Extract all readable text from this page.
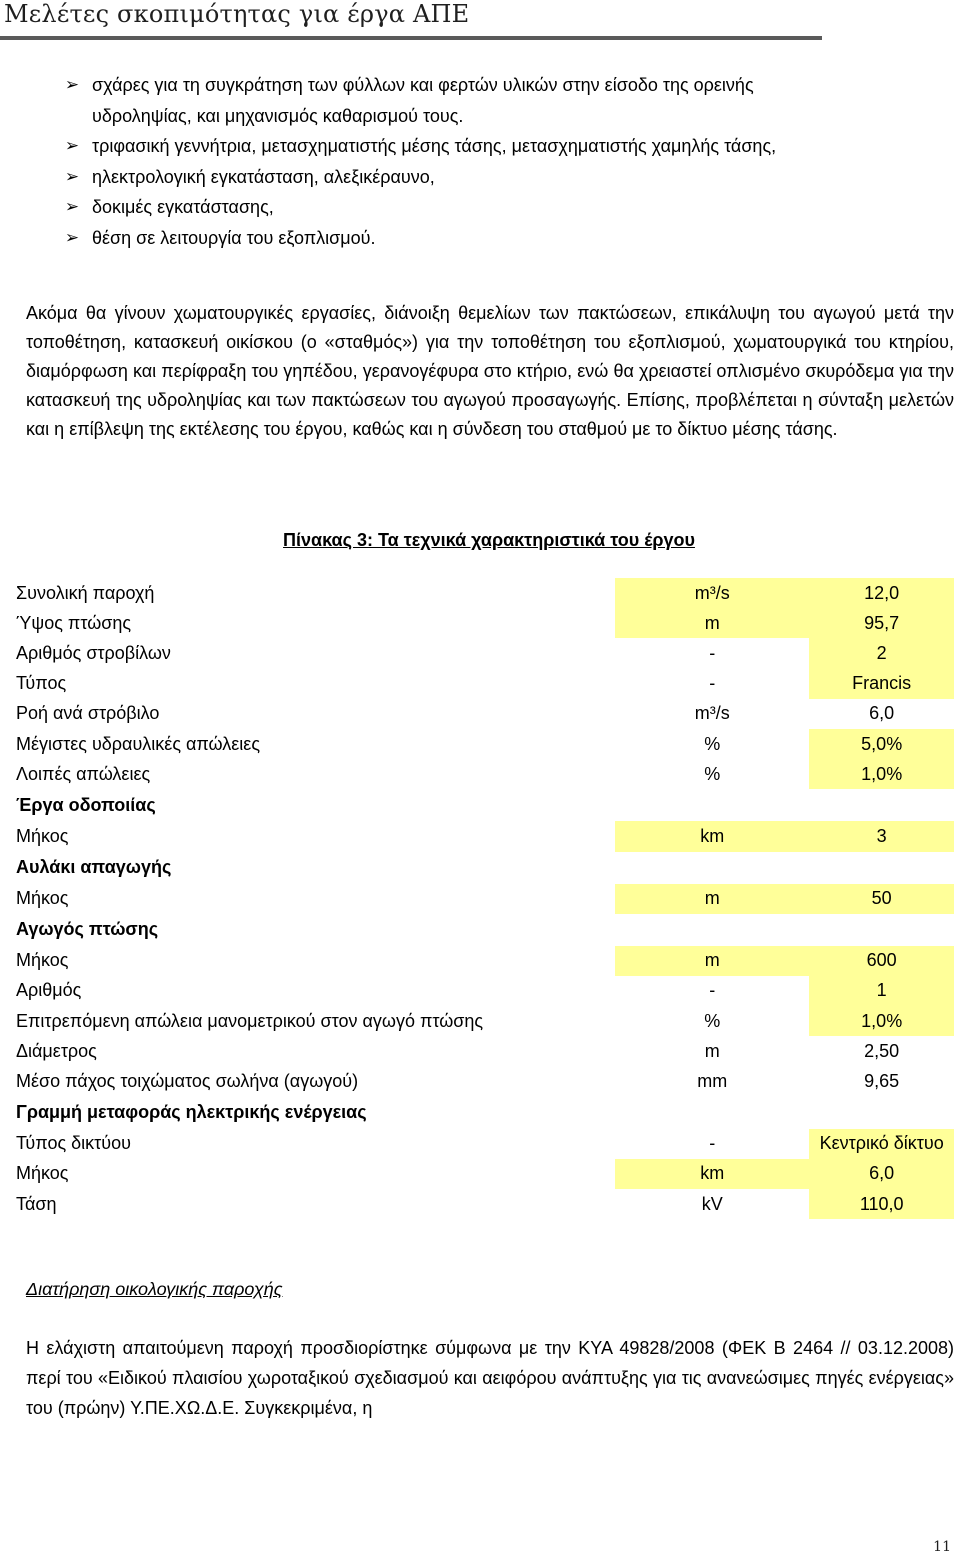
Μελέτες σκοπιμότητας για έργα ΑΠΕ
➢ σχάρες για τη συγκράτηση των φύλλων και φερτών υλικών στην είσοδο της ορεινής
υδροληψίας, και μηχανισμός καθαρισμού τους.
➢ τριφασική γεννήτρια, μετασχηματιστής μέσης τάσης, μετασχηματιστής χαμηλής τάσης,
➢ ηλεκτρολογική εγκατάσταση, αλεξικέραυνο,
➢ δοκιμές εγκατάστασης,
➢ θέση σε λειτουργία του εξοπλισμού.

Ακόμα θα γίνουν χωματουργικές εργασίες, διάνοιξη θεμελίων των πακτώσεων, επικάλυψη του αγωγού μετά την τοποθέτηση, κατασκευή οικίσκου (ο «σταθμός») για την τοποθέτηση του εξοπλισμού, χωματουργικά του κτηρίου, διαμόρφωση και περίφραξη του γηπέδου, γερανογέφυρα στο κτήριο, ενώ θα χρειαστεί οπλισμένο σκυρόδεμα για την κατασκευή της υδροληψίας και των πακτώσεων του αγωγού προσαγωγής. Επίσης, προβλέπεται η σύνταξη μελετών και η επίβλεψη της εκτέλεσης του έργου, καθώς και η σύνδεση του σταθμού με το δίκτυο μέσης τάσης.

Πίνακας 3: Τα τεχνικά χαρακτηριστικά του έργου
Συνολική παροχή	m³/s	12,0
Ύψος πτώσης	m	95,7
Αριθμός στροβίλων	-	2
Τύπος	-	Francis
Ροή ανά στρόβιλο	m³/s	6,0
Μέγιστες υδραυλικές απώλειες	%	5,0%
Λοιπές απώλειες	%	1,0%
Έργα οδοποιίας		
Μήκος	km	3
Αυλάκι απαγωγής		
Μήκος	m	50
Αγωγός πτώσης		
Μήκος	m	600
Αριθμός	-	1
Επιτρεπόμενη απώλεια μανομετρικού στον αγωγό πτώσης	%	1,0%
Διάμετρος	m	2,50
Μέσο πάχος τοιχώματος σωλήνα (αγωγού)	mm	9,65
Γραμμή μεταφοράς ηλεκτρικής ενέργειας		
Τύπος δικτύου	-	Κεντρικό δίκτυο
Μήκος	km	6,0
Τάση	kV	110,0
Διατήρηση οικολογικής παροχής

Η ελάχιστη απαιτούμενη παροχή προσδιορίστηκε σύμφωνα με την ΚΥΑ 49828/2008 (ΦΕΚ Β 2464 // 03.12.2008) περί του «Ειδικού πλαισίου χωροταξικού σχεδιασμού και αειφόρου ανάπτυξης για τις ανανεώσιμες πηγές ενέργειας» του (πρώην) Υ.ΠΕ.ΧΩ.Δ.Ε. Συγκεκριμένα, η

11
